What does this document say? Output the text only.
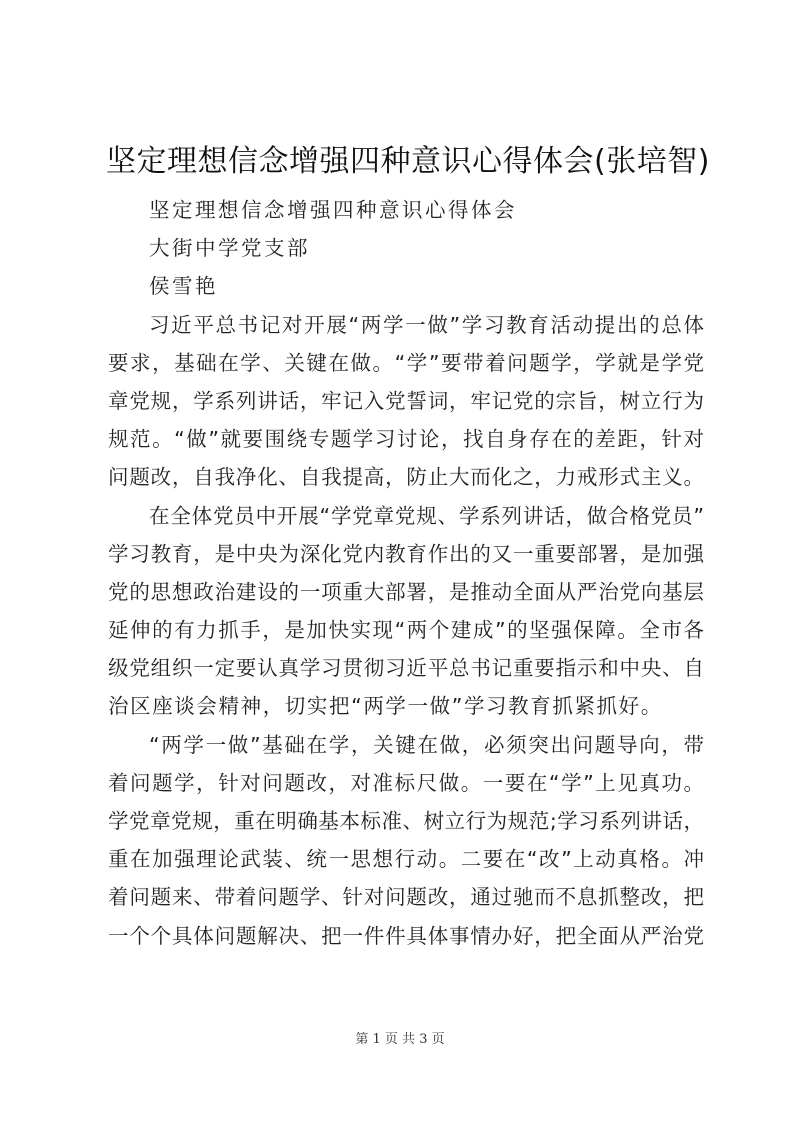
坚定理想信念增强四种意识心得体会(张培智)
坚定理想信念增强四种意识心得体会
大街中学党支部
侯雪艳
习近平总书记对开展“两学一做”学习教育活动提出的总体
要求，基础在学、关键在做。“学”要带着问题学，学就是学党
章党规，学系列讲话，牢记入党誓词，牢记党的宗旨，树立行为
规范。“做”就要围绕专题学习讨论，找自身存在的差距，针对
问题改，自我净化、自我提高，防止大而化之，力戒形式主义。
在全体党员中开展“学党章党规、学系列讲话，做合格党员”
学习教育，是中央为深化党内教育作出的又一重要部署，是加强
党的思想政治建设的一项重大部署，是推动全面从严治党向基层
延伸的有力抓手，是加快实现“两个建成”的坚强保障。全市各
级党组织一定要认真学习贯彻习近平总书记重要指示和中央、自
治区座谈会精神，切实把“两学一做”学习教育抓紧抓好。
“两学一做”基础在学，关键在做，必须突出问题导向，带
着问题学，针对问题改，对准标尺做。一要在“学”上见真功。
学党章党规，重在明确基本标准、树立行为规范;学习系列讲话，
重在加强理论武装、统一思想行动。二要在“改”上动真格。冲
着问题来、带着问题学、针对问题改，通过驰而不息抓整改，把
一个个具体问题解决、把一件件具体事情办好，把全面从严治党
第 1 页 共 3 页
